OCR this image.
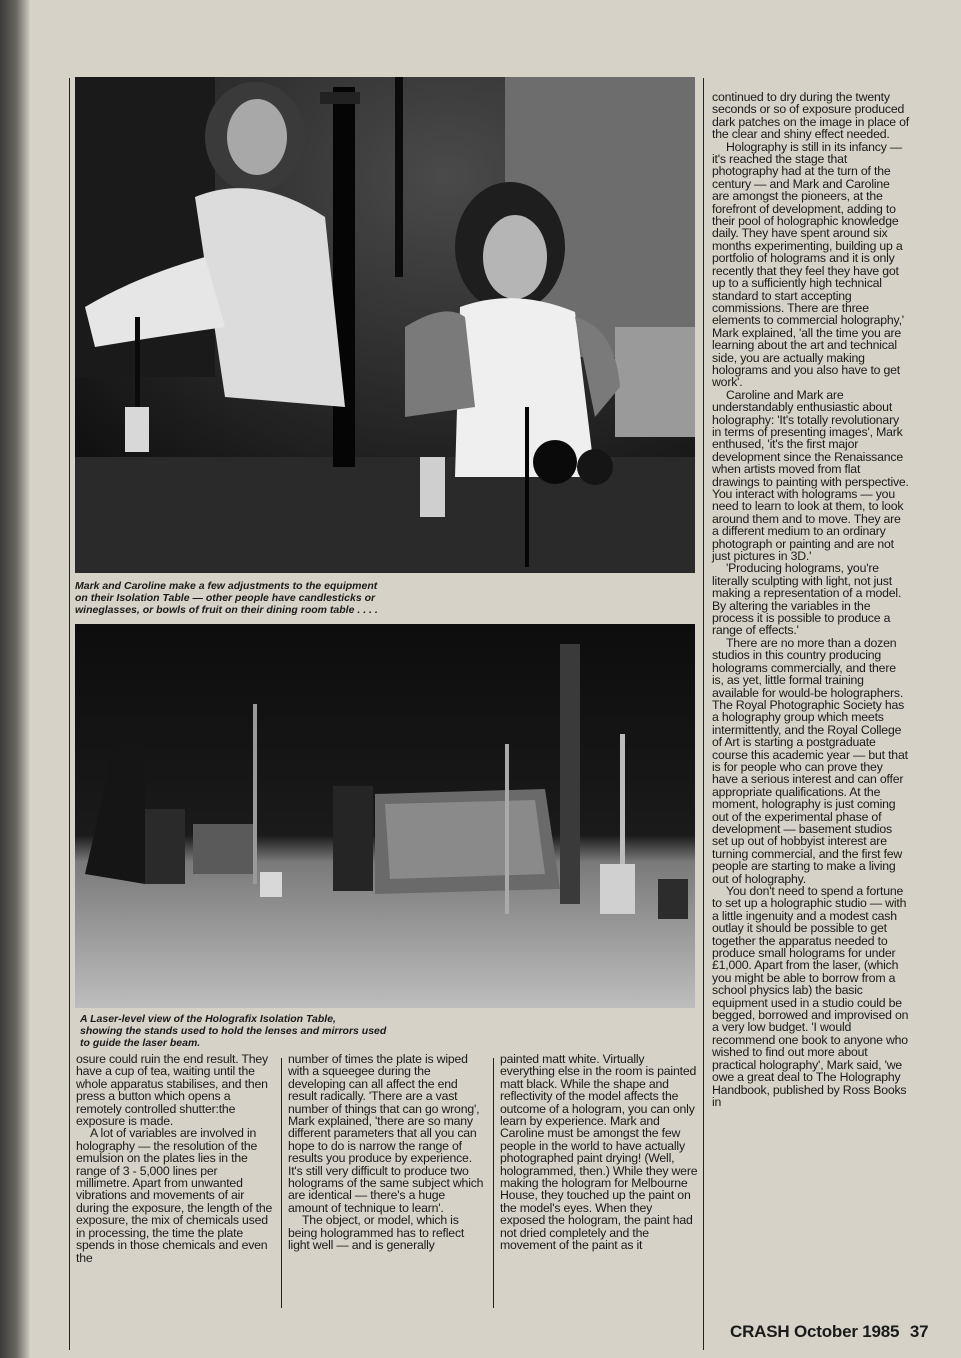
Mark and Caroline make a few adjustments to the equipment
on their Isolation Table — other people have candlesticks or
wineglasses, or bowls of fruit on their dining room table . . . .

A Laser-level view of the Holografix Isolation Table,
showing the stands used to hold the lenses and mirrors used
to guide the laser beam.

continued to dry during the twenty seconds or so of exposure produced dark patches on the image in place of the clear and shiny effect needed.

Holography is still in its infancy — it's reached the stage that photography had at the turn of the century — and Mark and Caroline are amongst the pioneers, at the forefront of development, adding to their pool of holographic knowledge daily. They have spent around six months experimenting, building up a portfolio of holograms and it is only recently that they feel they have got up to a sufficiently high technical standard to start accepting commissions. There are three elements to commercial holography,' Mark explained, 'all the time you are learning about the art and technical side, you are actually making holograms and you also have to get work'.

Caroline and Mark are understandably enthusiastic about holography: 'It's totally revolutionary in terms of presenting images', Mark enthused, 'it's the first major development since the Renaissance when artists moved from flat drawings to painting with perspective. You interact with holograms — you need to learn to look at them, to look around them and to move. They are a different medium to an ordinary photograph or painting and are not just pictures in 3D.'

'Producing holograms, you're literally sculpting with light, not just making a representation of a model. By altering the variables in the process it is possible to produce a range of effects.'

There are no more than a dozen studios in this country producing holograms commercially, and there is, as yet, little formal training available for would-be holographers. The Royal Photographic Society has a holography group which meets intermittently, and the Royal College of Art is starting a postgraduate course this academic year — but that is for people who can prove they have a serious interest and can offer appropriate qualifications. At the moment, holography is just coming out of the experimental phase of development — basement studios set up out of hobbyist interest are turning commercial, and the first few people are starting to make a living out of holography.

You don't need to spend a fortune to set up a holographic studio — with a little ingenuity and a modest cash outlay it should be possible to get together the apparatus needed to produce small holograms for under £1,000. Apart from the laser, (which you might be able to borrow from a school physics lab) the basic equipment used in a studio could be begged, borrowed and improvised on a very low budget. 'I would recommend one book to anyone who wished to find out more about practical holography', Mark said, 'we owe a great deal to The Holography Handbook, published by Ross Books in

osure could ruin the end result. They have a cup of tea, waiting until the whole apparatus stabilises, and then press a button which opens a remotely controlled shutter:the exposure is made.

A lot of variables are involved in holography — the resolution of the emulsion on the plates lies in the range of 3 - 5,000 lines per millimetre. Apart from unwanted vibrations and movements of air during the exposure, the length of the exposure, the mix of chemicals used in processing, the time the plate spends in those chemicals and even the

number of times the plate is wiped with a squeegee during the developing can all affect the end result radically. 'There are a vast number of things that can go wrong', Mark explained, 'there are so many different parameters that all you can hope to do is narrow the range of results you produce by experience. It's still very difficult to produce two holograms of the same subject which are identical — there's a huge amount of technique to learn'.

The object, or model, which is being hologrammed has to reflect light well — and is generally

painted matt white. Virtually everything else in the room is painted matt black. While the shape and reflectivity of the model affects the outcome of a hologram, you can only learn by experience. Mark and Caroline must be amongst the few people in the world to have actually photographed paint drying! (Well, hologrammed, then.) While they were making the hologram for Melbourne House, they touched up the paint on the model's eyes. When they exposed the hologram, the paint had not dried completely and the movement of the paint as it

CRASH October 1985 37
